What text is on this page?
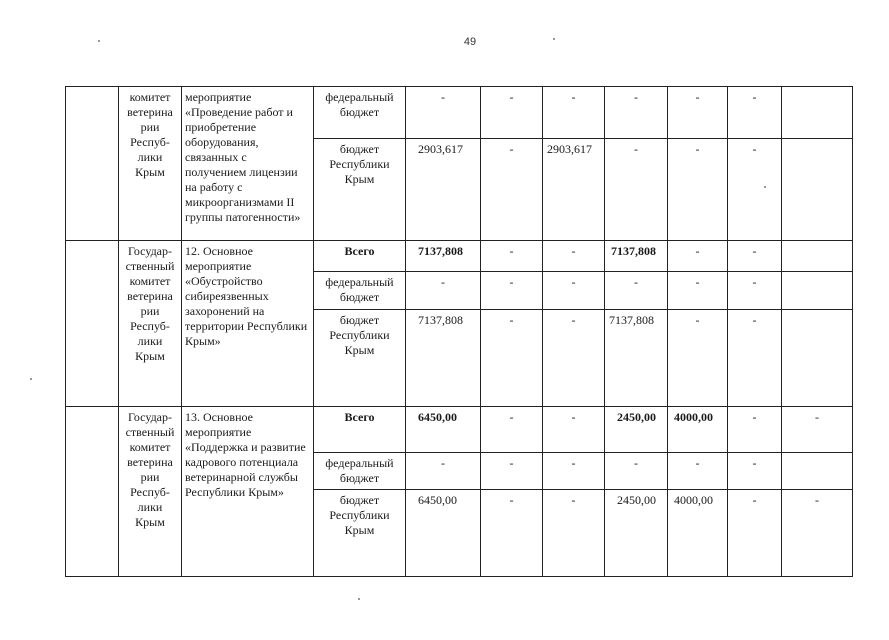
49
	комитет ветерина рии Респуб-лики Крым	мероприятие «Проведение работ и приобретение оборудования, связанных с получением лицензии на работу с микроорганизмами II группы патогенности»	федеральный бюджет	-	-	-	-	-	-	
			бюджет Республики Крым	2903,617	-	2903,617	-	-	-	
	Государ-ственный комитет ветерина рии Респуб-лики Крым	12. Основное мероприятие «Обустройство сибиреязвенных захоронений на территории Республики Крым»	Всего	7137,808	-	-	7137,808	-	-	
			федеральный бюджет	-	-	-	-	-	-	
			бюджет Республики Крым	7137,808	-	-	7137,808	-	-	
	Государ-ственный комитет ветерина рии Респуб-лики Крым	13. Основное мероприятие «Поддержка и развитие кадрового потенциала ветеринарной службы Республики Крым»	Всего	6450,00	-	-	2450,00	4000,00	-	-
			федеральный бюджет	-	-	-	-	-	-	
			бюджет Республики Крым	6450,00	-	-	2450,00	4000,00	-	-
